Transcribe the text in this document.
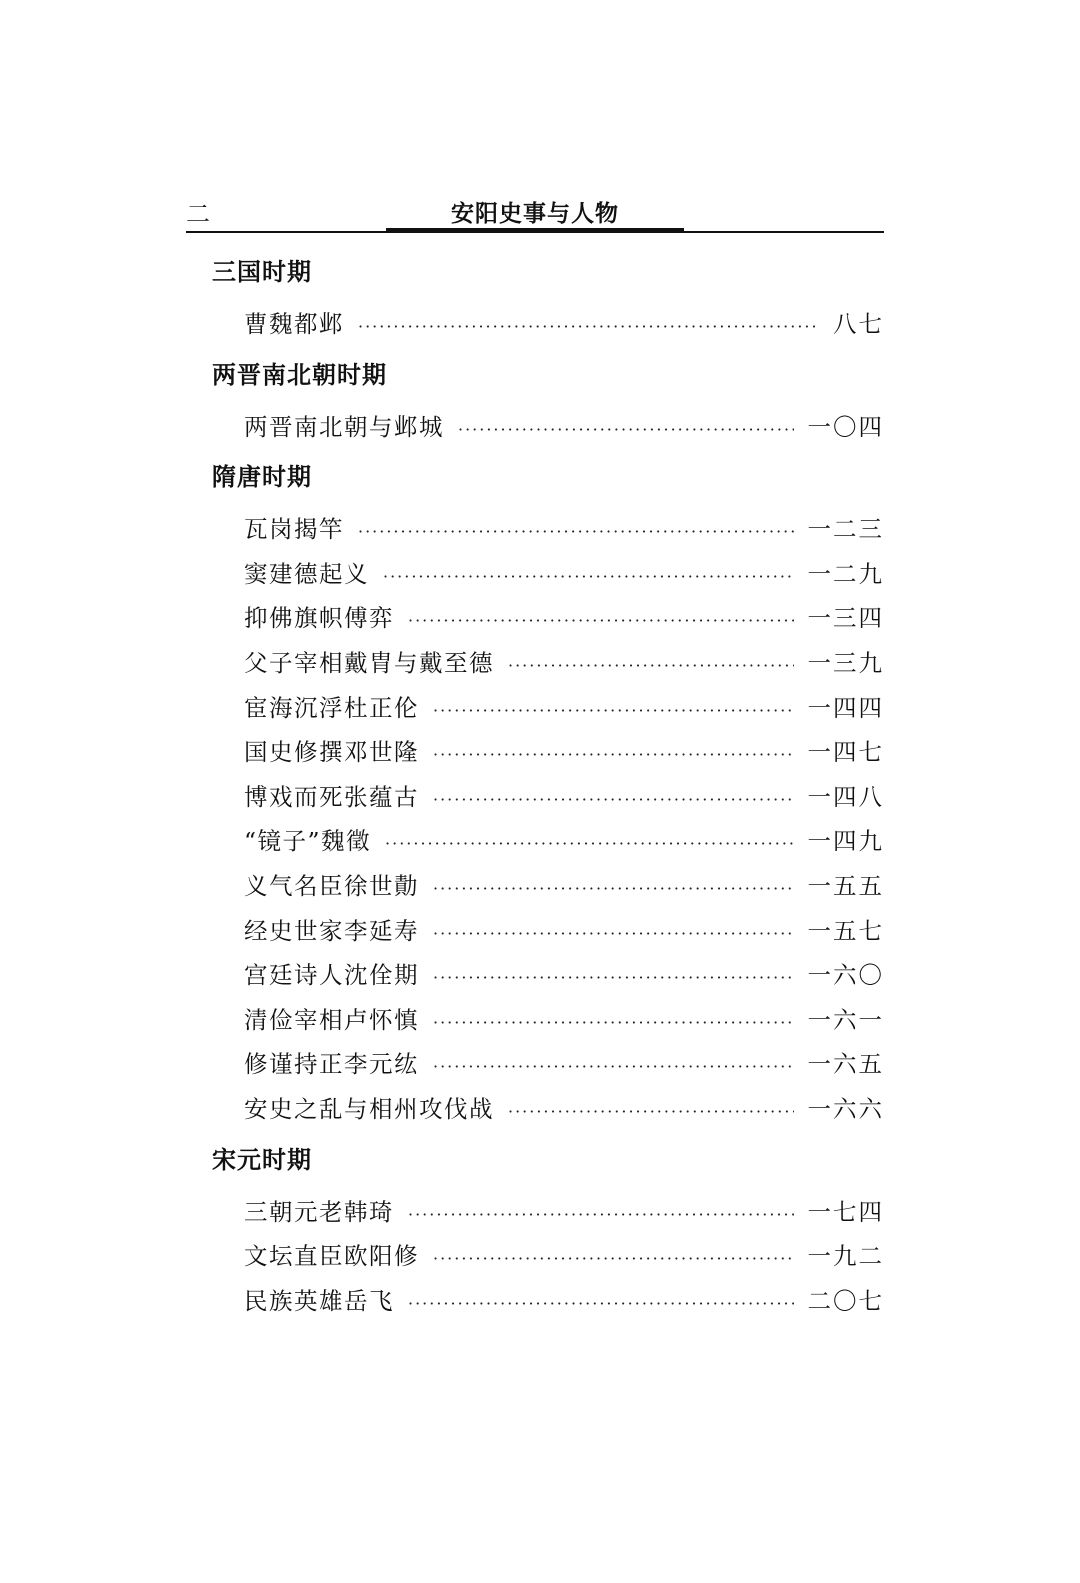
二	安阳史事与人物
三国时期
曹魏都邺 ·····	八七
两晋南北朝时期
两晋南北朝与邺城 ·····	一〇四
隋唐时期
瓦岗揭竿 ·····	一二三
窦建德起义 ·····	一二九
抑佛旗帜傅弈 ·····	一三四
父子宰相戴胄与戴至德 ·····	一三九
宦海沉浮杜正伦 ·····	一四四
国史修撰邓世隆 ·····	一四七
博戏而死张蕴古 ·····	一四八
“镜子”魏徵 ·····	一四九
义气名臣徐世勣 ·····	一五五
经史世家李延寿 ·····	一五七
宫廷诗人沈佺期 ·····	一六〇
清俭宰相卢怀慎 ·····	一六一
修谨持正李元纮 ·····	一六五
安史之乱与相州攻伐战 ·····	一六六
宋元时期
三朝元老韩琦 ·····	一七四
文坛直臣欧阳修 ·····	一九二
民族英雄岳飞 ·····	二〇七
